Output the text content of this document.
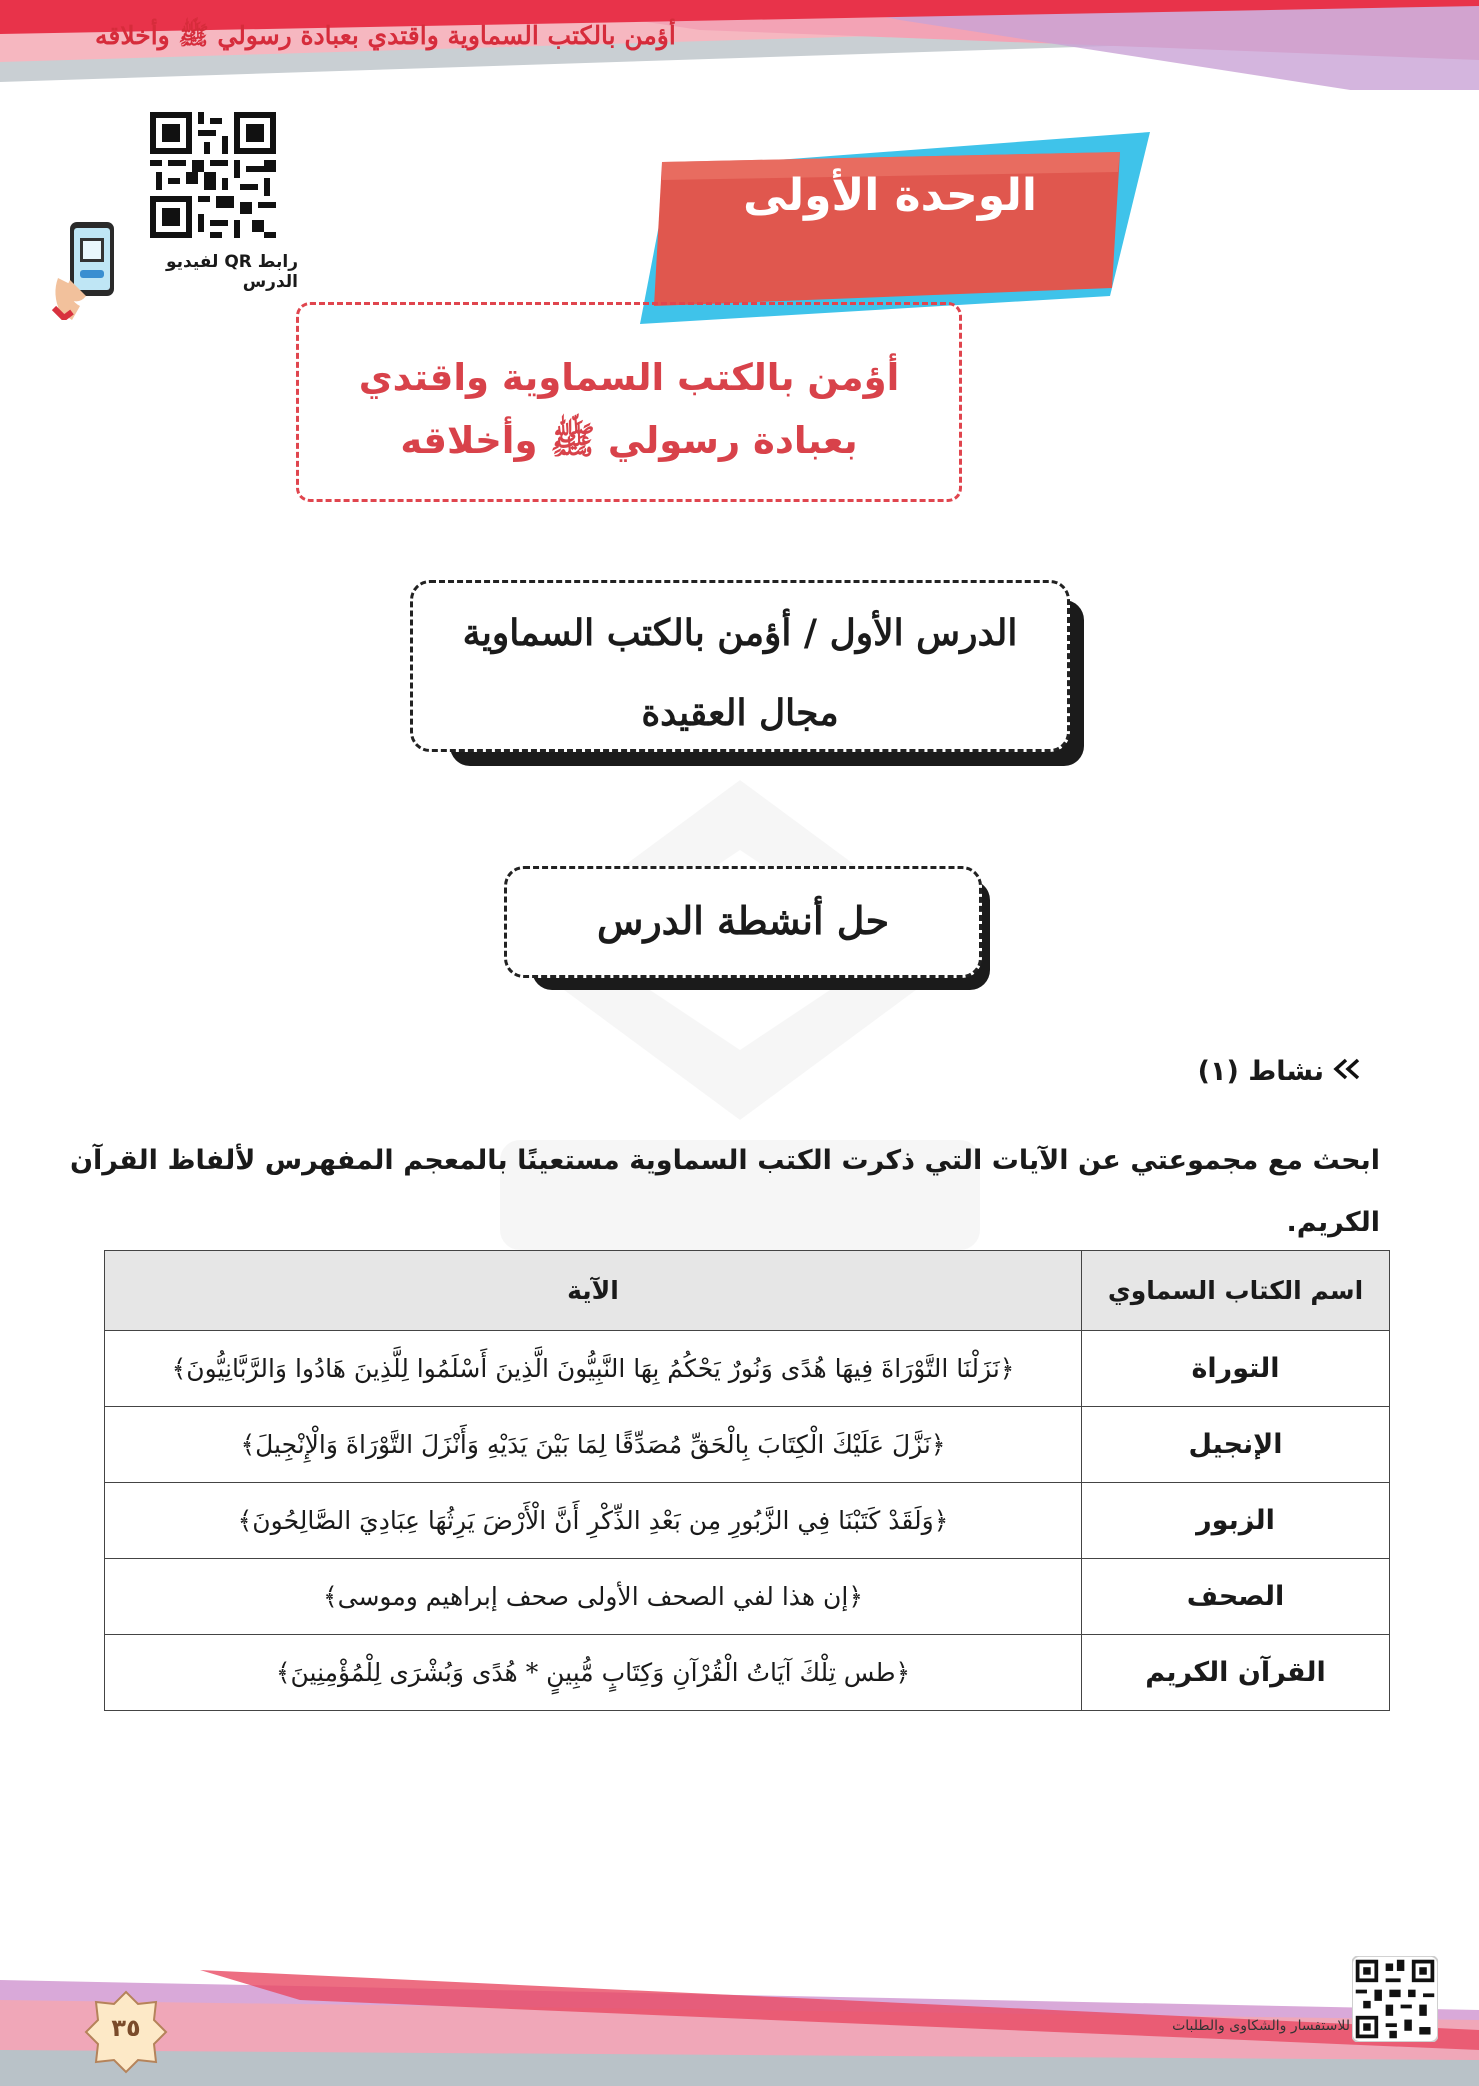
أؤمن بالكتب السماوية واقتدي بعبادة رسولي ﷺ وأخلاقه
رابط QR لفيديو الدرس
الوحدة الأولى
أؤمن بالكتب السماوية واقتدي
بعبادة رسولي ﷺ وأخلاقه
الدرس الأول / أؤمن بالكتب السماوية
مجال العقيدة
حل أنشطة الدرس
نشاط (١)
ابحث مع مجموعتي عن الآيات التي ذكرت الكتب السماوية مستعينًا بالمعجم المفهرس لألفاظ القرآن الكريم.
اسم الكتاب السماوي	الآية
التوراة	﴿نَزَلْنَا التَّوْرَاةَ فِيهَا هُدًى وَنُورٌ يَحْكُمُ بِهَا النَّبِيُّونَ الَّذِينَ أَسْلَمُوا لِلَّذِينَ هَادُوا وَالرَّبَّانِيُّونَ﴾
الإنجيل	﴿نَزَّلَ عَلَيْكَ الْكِتَابَ بِالْحَقِّ مُصَدِّقًا لِمَا بَيْنَ يَدَيْهِ وَأَنْزَلَ التَّوْرَاةَ وَالْإِنْجِيلَ﴾
الزبور	﴿وَلَقَدْ كَتَبْنَا فِي الزَّبُورِ مِن بَعْدِ الذِّكْرِ أَنَّ الْأَرْضَ يَرِثُهَا عِبَادِيَ الصَّالِحُونَ﴾
الصحف	﴿إن هذا لفي الصحف الأولى صحف إبراهيم وموسى﴾
القرآن الكريم	﴿طس تِلْكَ آيَاتُ الْقُرْآنِ وَكِتَابٍ مُّبِينٍ * هُدًى وَبُشْرَى لِلْمُؤْمِنِينَ﴾
٣٥	للاستفسار والشكاوى والطلبات
